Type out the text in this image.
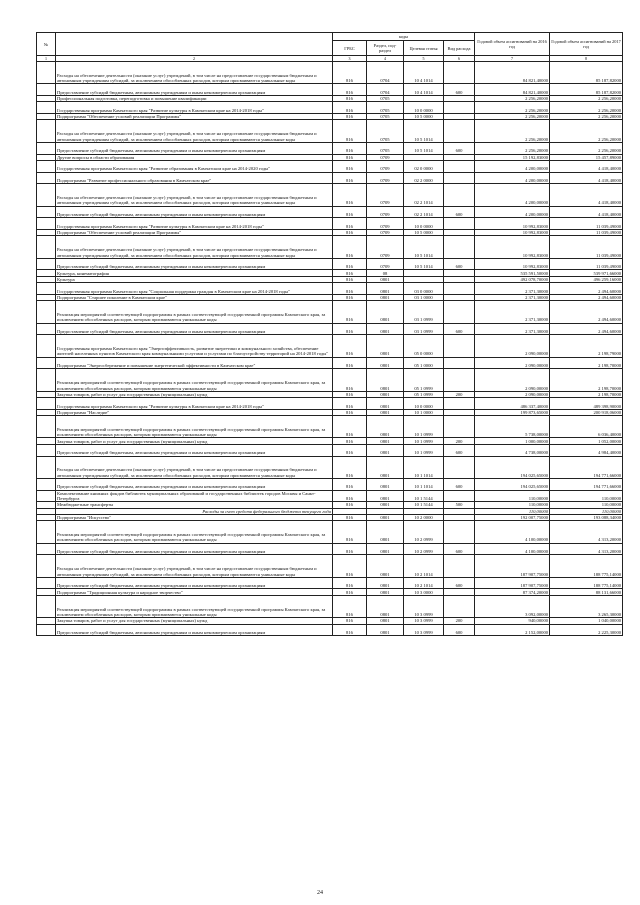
№		коды				Годовой объем ассигнований на 2016 год	Годовой объем ассигнований на 2017 год
		ГРБС	Раздел, под-раздел	Целевая статья	Вид расхода		
1	2	3	4	5	6	7	8
	Расходы на обеспечение деятельности (оказание услуг) учреждений, в том числе на предоставление государственным бюджетным и автономным учреждениям субсидий, за исключением обособленных расходов, которым присваиваются уникальные коды	816	0704	10 4 1014		84 821,40000	85 187,82000
	Предоставление субсидий бюджетным, автономным учреждениям и иным некоммерческим организациям	816	0704	10 4 1014	600	84 821,40000	85 187,82000
	Профессиональная подготовка, переподготовка и повышение квалификации	816	0705			2 256,20000	2 256,20000
	Государственная программа Камчатского края "Развитие культуры в Камчатском крае на 2014-2018 годы"	816	0705	10 0 0000		2 256,20000	2 256,20000
	Подпрограмма "Обеспечение условий реализации Программы"	816	0705	10 5 0000		2 256,20000	2 256,20000
	Расходы на обеспечение деятельности (оказание услуг) учреждений, в том числе на предоставление государственным бюджетным и автономным учреждениям субсидий, за исключением обособленных расходов, которым присваиваются уникальные коды	816	0705	10 5 1014		2 256,20000	2 256,20000
	Предоставление субсидий бюджетным, автономным учреждениям и иным некоммерческим организациям	816	0705	10 5 1014	600	2 256,20000	2 256,20000
	Другие вопросы в области образования	816	0709			15 192,83000	15 457,89000
	Государственная программа Камчатского края "Развитие образования в Камчатском крае на 2014-2020 годы"	816	0709	02 0 0000		4 200,00000	4 418,40000
	Подпрограмма "Развитие профессионального образования в Камчатском крае"	816	0709	02 2 0000		4 200,00000	4 418,40000
	Расходы на обеспечение деятельности (оказание услуг) учреждений, в том числе на предоставление государственным бюджетным и автономным учреждениям субсидий, за исключением обособленных расходов, которым присваиваются уникальные коды	816	0709	02 2 1014		4 200,00000	4 418,40000
	Предоставление субсидий бюджетным, автономным учреждениям и иным некоммерческим организациям	816	0709	02 2 1014	600	4 200,00000	4 418,40000
	Государственная программа Камчатского края "Развитие культуры в Камчатском крае на 2014-2018 годы"	816	0709	10 0 0000		10 992,83000	11 039,49000
	Подпрограмма "Обеспечение условий реализации Программы"	816	0709	10 5 0000		10 992,83000	11 039,49000
	Расходы на обеспечение деятельности (оказание услуг) учреждений, в том числе на предоставление государственным бюджетным и автономным учреждениям субсидий, за исключением обособленных расходов, которым присваиваются уникальные коды	816	0709	10 5 1014		10 992,83000	11 039,49000
	Предоставление субсидий бюджетным, автономным учреждениям и иным некоммерческим организациям	816	0709	10 5 1014	600	10 992,83000	11 039,49000
	Культура, кинематография	816	08			535 591,50000	539 971,66000
	Культура	816	0801			492 078,70000	496 259,16000
	Государственная программа Камчатского края "Социальная поддержка граждан в Камчатском крае на 2014-2018 годы"	816	0801	03 0 0000		2 371,30000	2 494,60000
	Подпрограмма "Старшее поколение в Камчатском крае"	816	0801	03 1 0000		2 371,30000	2 494,60000
	Реализация мероприятий соответствующей подпрограммы в рамках соответствующей государственной программы Камчатского края, за исключением обособленных расходов, которым присваиваются уникальные коды	816	0801	03 1 0999		2 371,30000	2 494,60000
	Предоставление субсидий бюджетным, автономным учреждениям и иным некоммерческим организациям	816	0801	03 1 0999	600	2 371,30000	2 494,60000
	Государственная программа Камчатского края "Энергоэффективность, развитие энергетики и коммунального хозяйства, обеспечение жителей населенных пунктов Камчатского края коммунальными услугами и услугами по благоустройству территорий на 2014-2018 годы"	816	0801	05 0 0000		2 090,00000	2 198,79000
	Подпрограмма "Энергосбережение и повышение энергетической эффективности в Камчатском крае"	816	0801	05 1 0000		2 090,00000	2 198,70000
	Реализация мероприятий соответствующей подпрограммы в рамках соответствующей государственной программы Камчатского края, за исключением обособленных расходов, которым присваиваются уникальные коды	816	0801	05 1 0999		2 090,00000	2 198,70000
	Закупка товаров, работ и услуг для государственных (муниципальных) нужд	816	0801	05 1 0999	200	2 090,00000	2 198,70000
	Государственная программа Камчатского края "Развитие культуры в Камчатском крае на 2014-2018 годы"	816	0801	10 0 0000		486 337,40000	489 398,90000
	Подпрограмма "Наследие"	816	0801	10 1 0000		199 873,65000	200 918,06000
	Реализация мероприятий соответствующей подпрограммы в рамках соответствующей государственной программы Камчатского края, за исключением обособленных расходов, которым присваиваются уникальные коды	816	0801	10 1 0999		5 738,00000	6 036,40000
	Закупка товаров, работ и услуг для государственных (муниципальных) нужд	816	0801	10 1 0999	200	1 000,00000	1 052,00000
	Предоставление субсидий бюджетным, автономным учреждениям и иным некоммерческим организациям	816	0801	10 1 0999	600	4 738,00000	4 984,40000
	Расходы на обеспечение деятельности (оказание услуг) учреждений, в том числе на предоставление государственным бюджетным и автономным учреждениям субсидий, за исключением обособленных расходов, которым присваиваются уникальные коды	816	0801	10 1 1014		194 025,65000	194 771,66000
	Предоставление субсидий бюджетным, автономным учреждениям и иным некоммерческим организациям	816	0801	10 1 1014	600	194 025,65000	194 771,66000
	Комплектование книжных фондов библиотек муниципальных образований и государственных библиотек городов Москвы и Санкт-Петербурга	816	0801	10 1 5144		110,00000	110,00000
	Межбюджетные трансферты	816	0801	10 1 5144	500	110,00000	110,00000
	Расходы за счет средств федерального бюджета текущего года					110,00000	110,00000
	Подпрограмма "Искусство"	816	0801	10 2 0000		192 007,75000	193 088,34000
	Реализация мероприятий соответствующей подпрограммы в рамках соответствующей государственной программы Камчатского края, за исключением обособленных расходов, которым присваиваются уникальные коды	816	0801	10 2 0999		4 100,00000	4 313,20000
	Предоставление субсидий бюджетным, автономным учреждениям и иным некоммерческим организациям	816	0801	10 2 0999	600	4 100,00000	4 313,20000
	Расходы на обеспечение деятельности (оказание услуг) учреждений, в том числе на предоставление государственным бюджетным и автономным учреждениям субсидий, за исключением обособленных расходов, которым присваиваются уникальные коды	816	0801	10 2 1014		187 907,75000	188 775,14000
	Предоставление субсидий бюджетным, автономным учреждениям и иным некоммерческим организациям	816	0801	10 2 1014	600	187 907,75000	188 775,14000
	Подпрограмма "Традиционная культура и народное творчество"	816	0801	10 3 0000		87 374,20000	88 131,66000
	Реализация мероприятий соответствующей подпрограммы в рамках соответствующей государственной программы Камчатского края, за исключением обособленных расходов, которым присваиваются уникальные коды	816	0801	10 3 0999		3 092,00000	3 265,30000
	Закупка товаров, работ и услуг для государственных (муниципальных) нужд	816	0801	10 3 0999	200	940,00000	1 040,00000
	Предоставление субсидий бюджетным, автономным учреждениям и иным некоммерческим организациям	816	0801	10 3 0999	600	2 152,00000	2 225,30000
24
